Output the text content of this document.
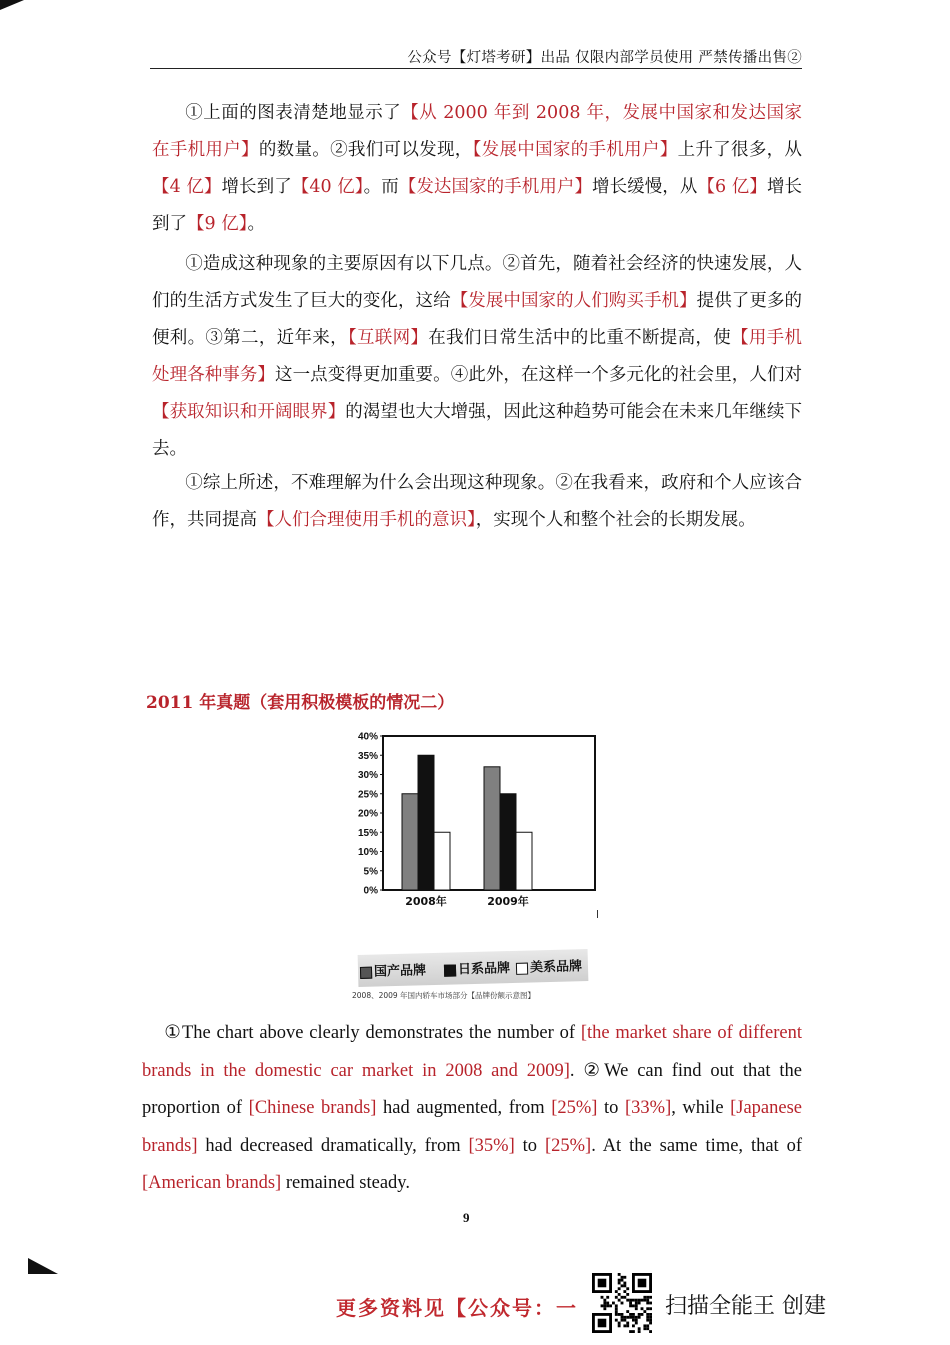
公众号【灯塔考研】出品 仅限内部学员使用 严禁传播出售②

①上面的图表清楚地显示了【从 2000 年到 2008 年，发展中国家和发达国家在手机用户】的数量。②我们可以发现，【发展中国家的手机用户】上升了很多，从【4 亿】增长到了【40 亿】。而【发达国家的手机用户】增长缓慢，从【6 亿】增长到了【9 亿】。

①造成这种现象的主要原因有以下几点。②首先，随着社会经济的快速发展，人们的生活方式发生了巨大的变化，这给【发展中国家的人们购买手机】提供了更多的便利。③第二，近年来，【互联网】在我们日常生活中的比重不断提高，使【用手机处理各种事务】这一点变得更加重要。④此外，在这样一个多元化的社会里，人们对【获取知识和开阔眼界】的渴望也大大增强，因此这种趋势可能会在未来几年继续下去。

①综上所述，不难理解为什么会出现这种现象。②在我看来，政府和个人应该合作，共同提高【人们合理使用手机的意识】，实现个人和整个社会的长期发展。

2011 年真题（套用积极模板的情况二）
0%
5%
10%
15%
20%
25%
30%
35%
40%
2008年	2009年
国产品牌	日系品牌	美系品牌
2008、2009 年国内轿车市场部分【品牌份额示意图】

①The chart above clearly demonstrates the number of [the market share of different brands in the domestic car market in 2008 and 2009]. ②We can find out that the proportion of [Chinese brands] had augmented, from [25%] to [33%], while [Japanese brands] had decreased dramatically, from [35%] to [25%]. At the same time, that of [American brands] remained steady.

9
更多资料见【公众号：一	扫描全能王 创建
